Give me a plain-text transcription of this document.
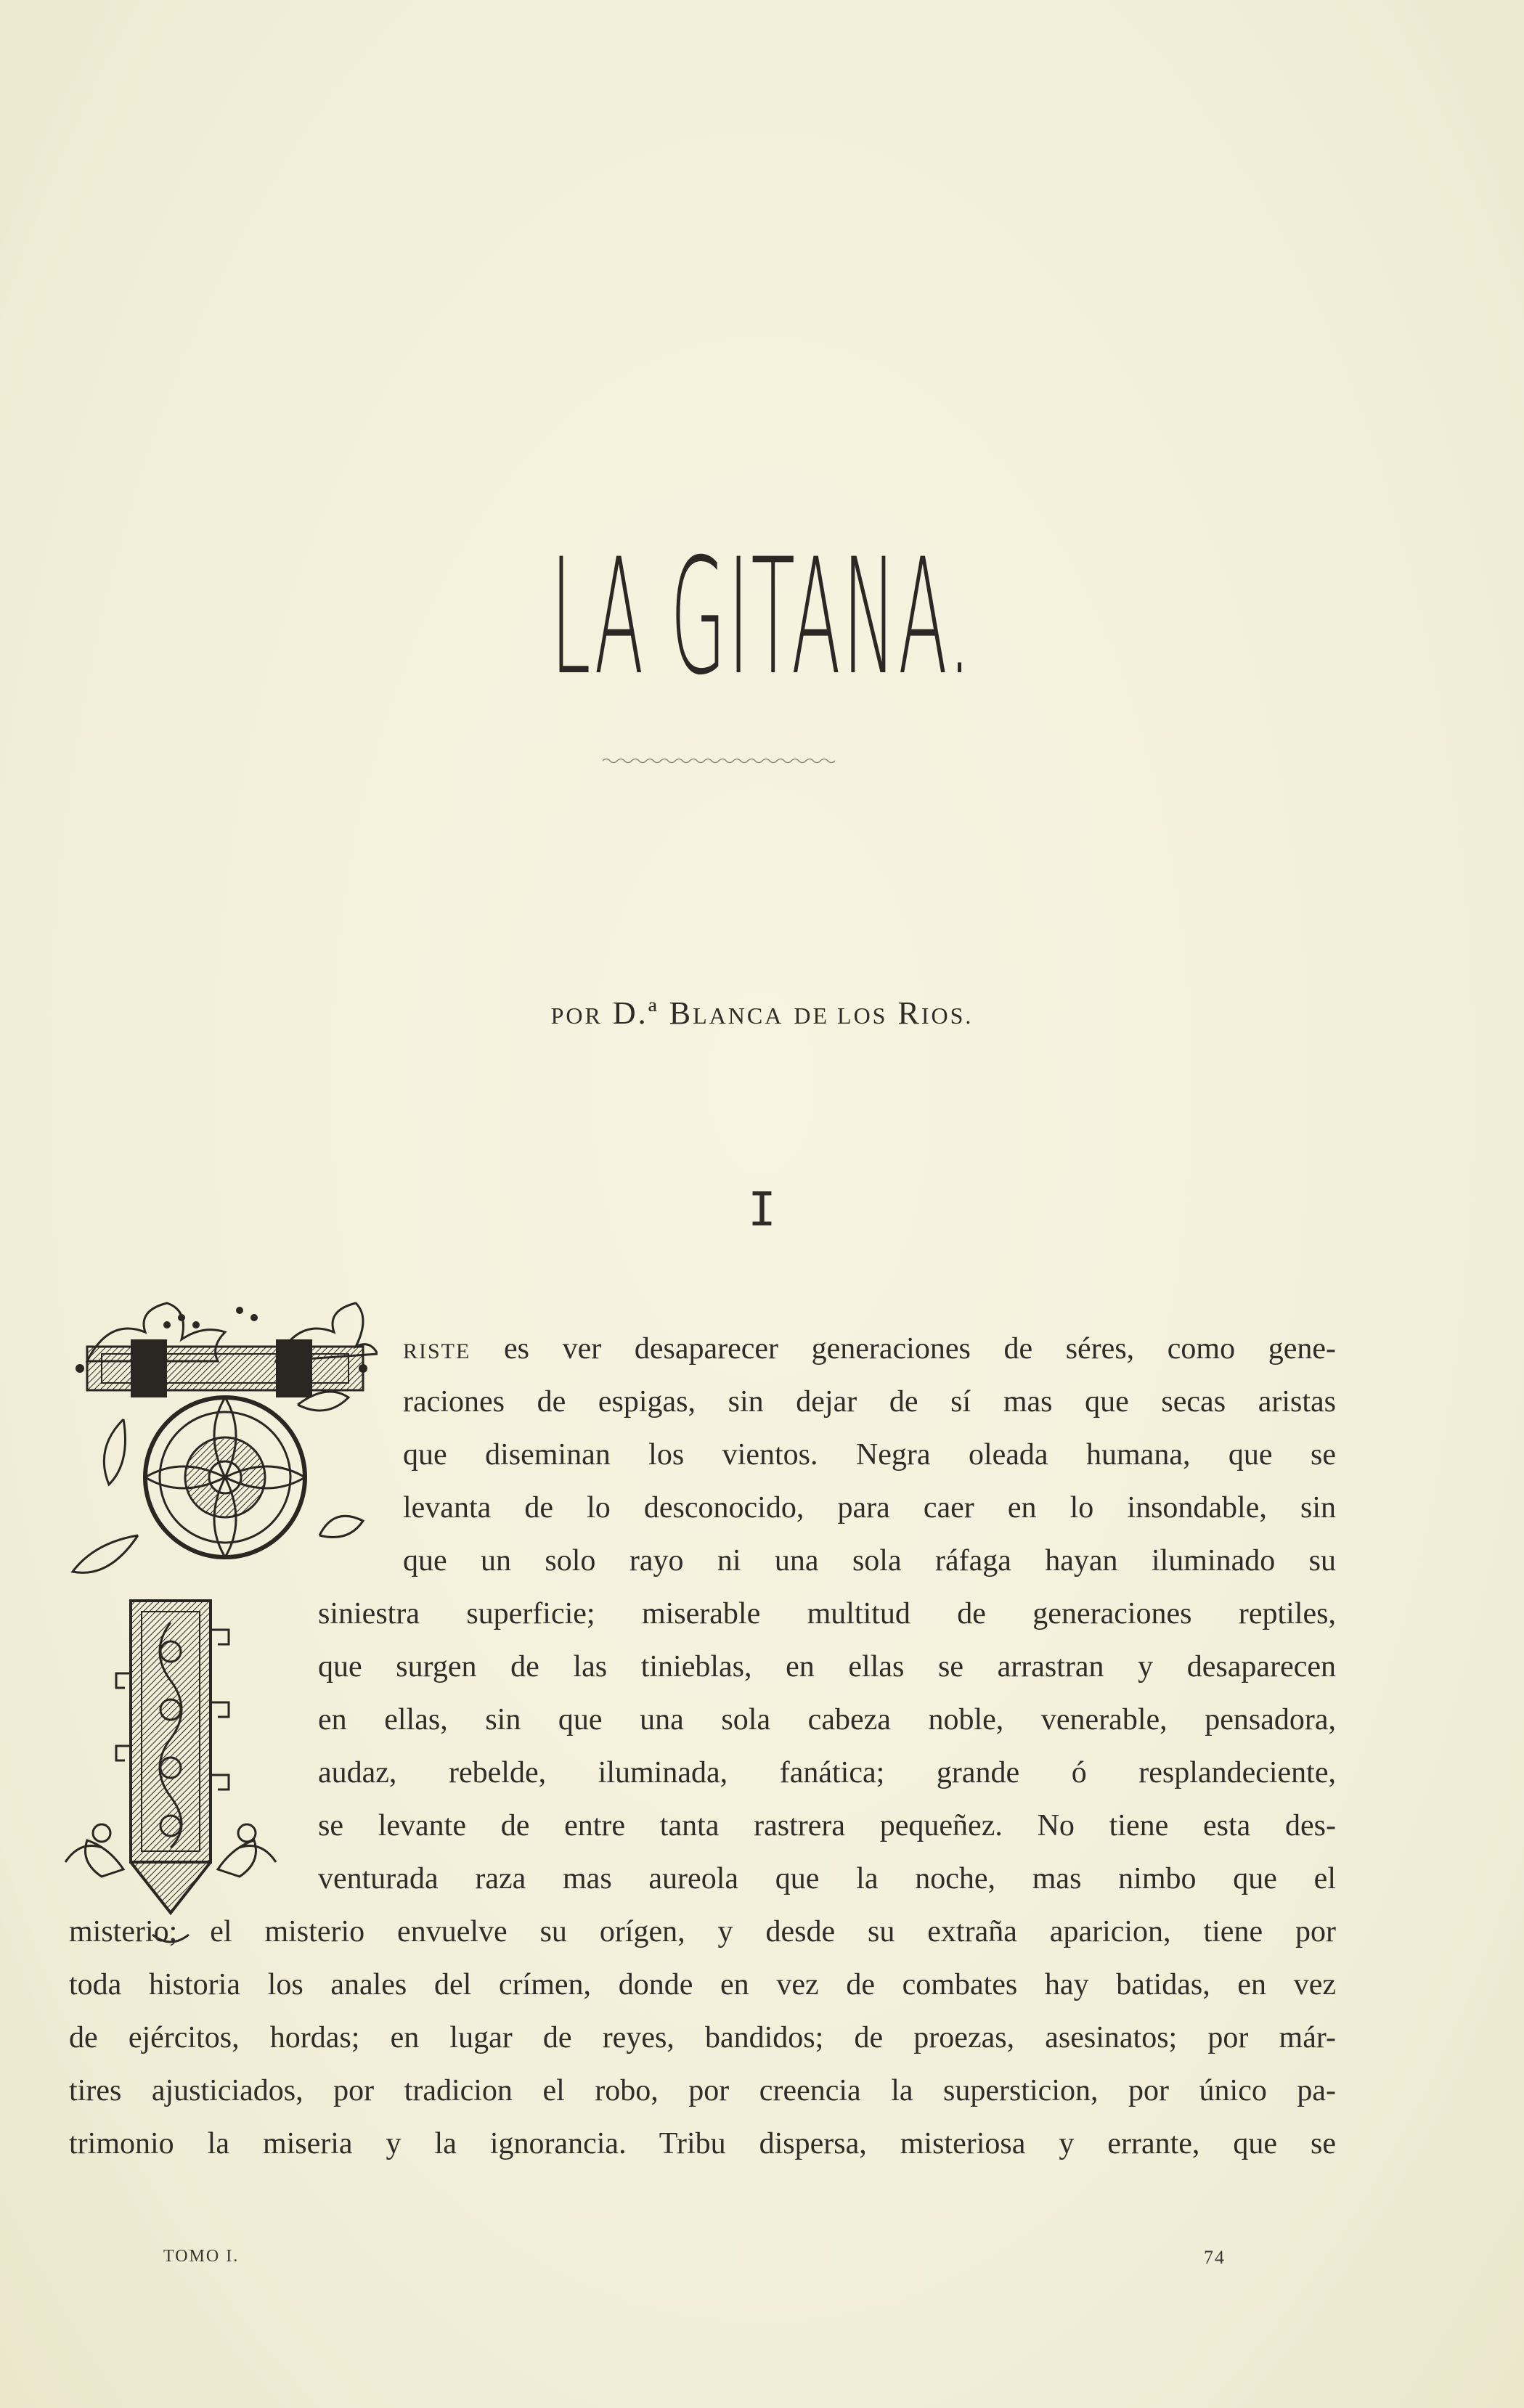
LA GITANA.
POR D.ª BLANCA DE LOS RIOS.
I
RISTE es ver desaparecer generaciones de séres, como gene-
raciones de espigas, sin dejar de sí mas que secas aristas
que diseminan los vientos. Negra oleada humana, que se
levanta de lo desconocido, para caer en lo insondable, sin
que un solo rayo ni una sola ráfaga hayan iluminado su
siniestra superficie; miserable multitud de generaciones reptiles,
que surgen de las tinieblas, en ellas se arrastran y desaparecen
en ellas, sin que una sola cabeza noble, venerable, pensadora,
audaz, rebelde, iluminada, fanática; grande ó resplandeciente,
se levante de entre tanta rastrera pequeñez. No tiene esta des-
venturada raza mas aureola que la noche, mas nimbo que el
misterio; el misterio envuelve su orígen, y desde su extraña aparicion, tiene por
toda historia los anales del crímen, donde en vez de combates hay batidas, en vez
de ejércitos, hordas; en lugar de reyes, bandidos; de proezas, asesinatos; por már-
tires ajusticiados, por tradicion el robo, por creencia la supersticion, por único pa-
trimonio la miseria y la ignorancia. Tribu dispersa, misteriosa y errante, que se
TOMO I.	74
